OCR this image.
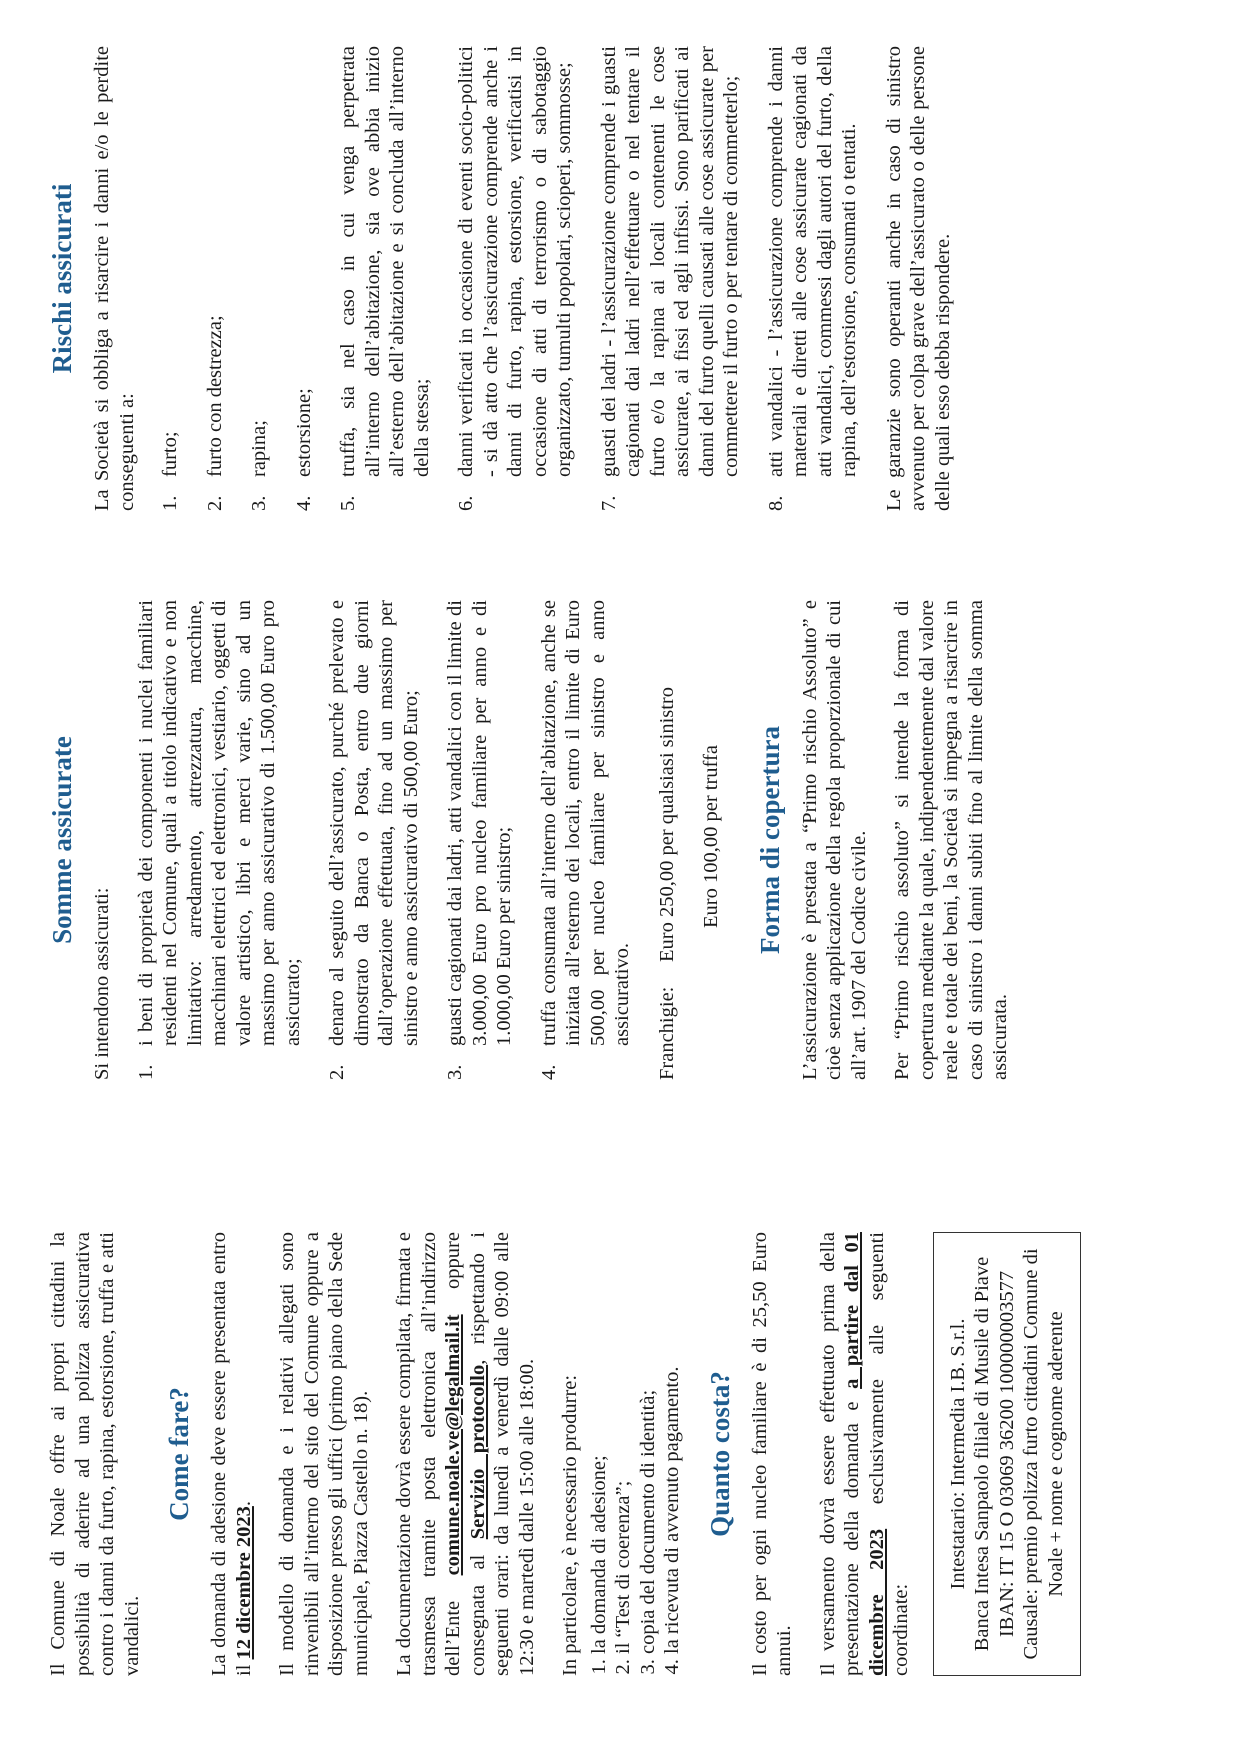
Il Comune di Noale offre ai propri cittadini la possibilità di aderire ad una polizza assicurativa contro i danni da furto, rapina, estorsione, truffa e atti vandalici.

Come fare? La domanda di adesione deve essere presentata entro il 12 dicembre 2023. Il modello di domanda e i relativi allegati sono rinvenibili all’interno del sito del Comune oppure a disposizione presso gli uffici (primo piano della Sede municipale, Piazza Castello n. 18). La documentazione dovrà essere compilata, firmata e trasmessa tramite posta elettronica all’indirizzo dell’Ente comune.noale.ve@legalmail.it oppure consegnata al Servizio protocollo, rispettando i seguenti orari: da lunedì a venerdì dalle 09:00 alle 12:30 e martedì dalle 15:00 alle 18:00. In particolare, è necessario produrre: 1. la domanda di adesione; 2. il “Test di coerenza”; 3. copia del documento di identità; 4. la ricevuta di avvenuto pagamento. Quanto costa? Il costo per ogni nucleo familiare è di 25,50 Euro annui. Il versamento dovrà essere effettuato prima della presentazione della domanda e a partire dal 01 dicembre 2023 esclusivamente alle seguenti coordinate:

Intestatario: Intermedia I.B. S.r.l. Banca Intesa Sanpaolo filiale di Musile di Piave IBAN: IT 15 O 03069 36200 100000003577 Causale: premio polizza furto cittadini Comune di Noale + nome e cognome aderente
Somme assicurate

Si intendono assicurati: 1.
i beni di proprietà dei componenti i nuclei familiari residenti nel Comune, quali a titolo indicativo e non limitativo: arredamento, attrezzatura, macchine, macchinari elettrici ed elettronici, vestiario, oggetti di valore artistico, libri e merci varie, sino ad un massimo per anno assicurativo di 1.500,00 Euro pro assicurato;
2.
denaro al seguito dell’assicurato, purché prelevato e dimostrato da Banca o Posta, entro due giorni dall’operazione effettuata, fino ad un massimo per sinistro e anno assicurativo di 500,00 Euro;
3.
guasti cagionati dai ladri, atti vandalici con il limite di 3.000,00 Euro pro nucleo familiare per anno e di 1.000,00 Euro per sinistro;
4.
truffa consumata all’interno dell’abitazione, anche se iniziata all’esterno dei locali, entro il limite di Euro 500,00 per nucleo familiare per sinistro e anno assicurativo. Franchigie:Euro 250,00 per qualsiasi sinistro Euro 100,00 per truffa Forma di copertura L’assicurazione è prestata a “Primo rischio Assoluto” e cioè senza applicazione della regola proporzionale di cui all’art. 1907 del Codice civile. Per “Primo rischio assoluto” si intende la forma di copertura mediante la quale, indipendentemente dal valore reale e totale dei beni, la Società si impegna a risarcire in caso di sinistro i danni subiti fino al limite della somma assicurata.

Rischi assicurati La Società si obbliga a risarcire i danni e/o le perdite conseguenti a: 1.
furto;
2.
furto con destrezza;
3.
rapina;
4.
estorsione;
5.
truffa, sia nel caso in cui venga perpetrata all’interno dell’abitazione, sia ove abbia inizio all’esterno dell’abitazione e si concluda all’interno della stessa;
6.
danni verificati in occasione di eventi socio-politici - si dà atto che l’assicurazione comprende anche i danni di furto, rapina, estorsione, verificatisi in occasione di atti di terrorismo o di sabotaggio organizzato, tumulti popolari, scioperi, sommosse;
7.
guasti dei ladri - l’assicurazione comprende i guasti cagionati dai ladri nell’effettuare o nel tentare il furto e/o la rapina ai locali contenenti le cose assicurate, ai fissi ed agli infissi. Sono parificati ai danni del furto quelli causati alle cose assicurate per commettere il furto o per tentare di commetterlo;
8.
atti vandalici - l’assicurazione comprende i danni materiali e diretti alle cose assicurate cagionati da atti vandalici, commessi dagli autori del furto, della rapina, dell’estorsione, consumati o tentati. Le garanzie sono operanti anche in caso di sinistro avvenuto per colpa grave dell’assicurato o delle persone delle quali esso debba rispondere.
